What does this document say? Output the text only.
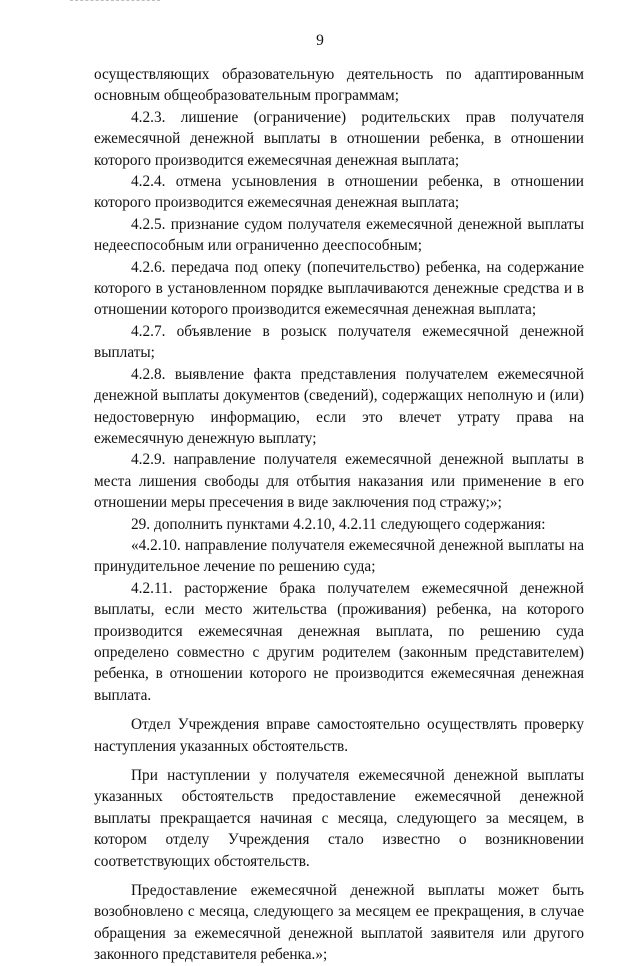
9

осуществляющих образовательную деятельность по адаптированным основным общеобразовательным программам;

4.2.3. лишение (ограничение) родительских прав получателя ежемесячной денежной выплаты в отношении ребенка, в отношении которого производится ежемесячная денежная выплата;

4.2.4. отмена усыновления в отношении ребенка, в отношении которого производится ежемесячная денежная выплата;

4.2.5. признание судом получателя ежемесячной денежной выплаты недееспособным или ограниченно дееспособным;

4.2.6. передача под опеку (попечительство) ребенка, на содержание которого в установленном порядке выплачиваются денежные средства и в отношении которого производится ежемесячная денежная выплата;

4.2.7. объявление в розыск получателя ежемесячной денежной выплаты;

4.2.8. выявление факта представления получателем ежемесячной денежной выплаты документов (сведений), содержащих неполную и (или) недостоверную информацию, если это влечет утрату права на ежемесячную денежную выплату;

4.2.9. направление получателя ежемесячной денежной выплаты в места лишения свободы для отбытия наказания или применение в его отношении меры пресечения в виде заключения под стражу;»;

29. дополнить пунктами 4.2.10, 4.2.11 следующего содержания:

«4.2.10. направление получателя ежемесячной денежной выплаты на принудительное лечение по решению суда;

4.2.11. расторжение брака получателем ежемесячной денежной выплаты, если место жительства (проживания) ребенка, на которого производится ежемесячная денежная выплата, по решению суда определено совместно с другим родителем (законным представителем) ребенка, в отношении которого не производится ежемесячная денежная выплата.

Отдел Учреждения вправе самостоятельно осуществлять проверку наступления указанных обстоятельств.

При наступлении у получателя ежемесячной денежной выплаты указанных обстоятельств предоставление ежемесячной денежной выплаты прекращается начиная с месяца, следующего за месяцем, в котором отделу Учреждения стало известно о возникновении соответствующих обстоятельств.

Предоставление ежемесячной денежной выплаты может быть возобновлено с месяца, следующего за месяцем ее прекращения, в случае обращения за ежемесячной денежной выплатой заявителя или другого законного представителя ребенка.»;
